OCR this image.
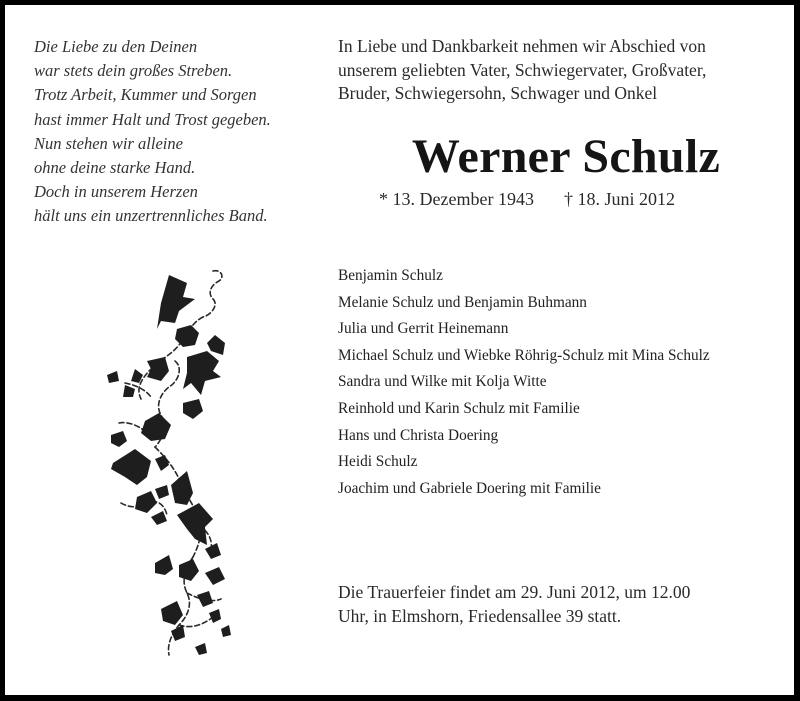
Die Liebe zu den Deinen
war stets dein großes Streben.
Trotz Arbeit, Kummer und Sorgen
hast immer Halt und Trost gegeben.
Nun stehen wir alleine
ohne deine starke Hand.
Doch in unserem Herzen
hält uns ein unzertrennliches Band.
In Liebe und Dankbarkeit nehmen wir Abschied von
unserem geliebten Vater, Schwiegervater, Großvater,
Bruder, Schwiegersohn, Schwager und Onkel
Werner Schulz
* 13. Dezember 1943 † 18. Juni 2012
Benjamin Schulz
Melanie Schulz und Benjamin Buhmann
Julia und Gerrit Heinemann
Michael Schulz und Wiebke Röhrig-Schulz mit Mina Schulz
Sandra und Wilke mit Kolja Witte
Reinhold und Karin Schulz mit Familie
Hans und Christa Doering
Heidi Schulz
Joachim und Gabriele Doering mit Familie
Die Trauerfeier findet am 29. Juni 2012, um 12.00
Uhr, in Elmshorn, Friedensallee 39 statt.
